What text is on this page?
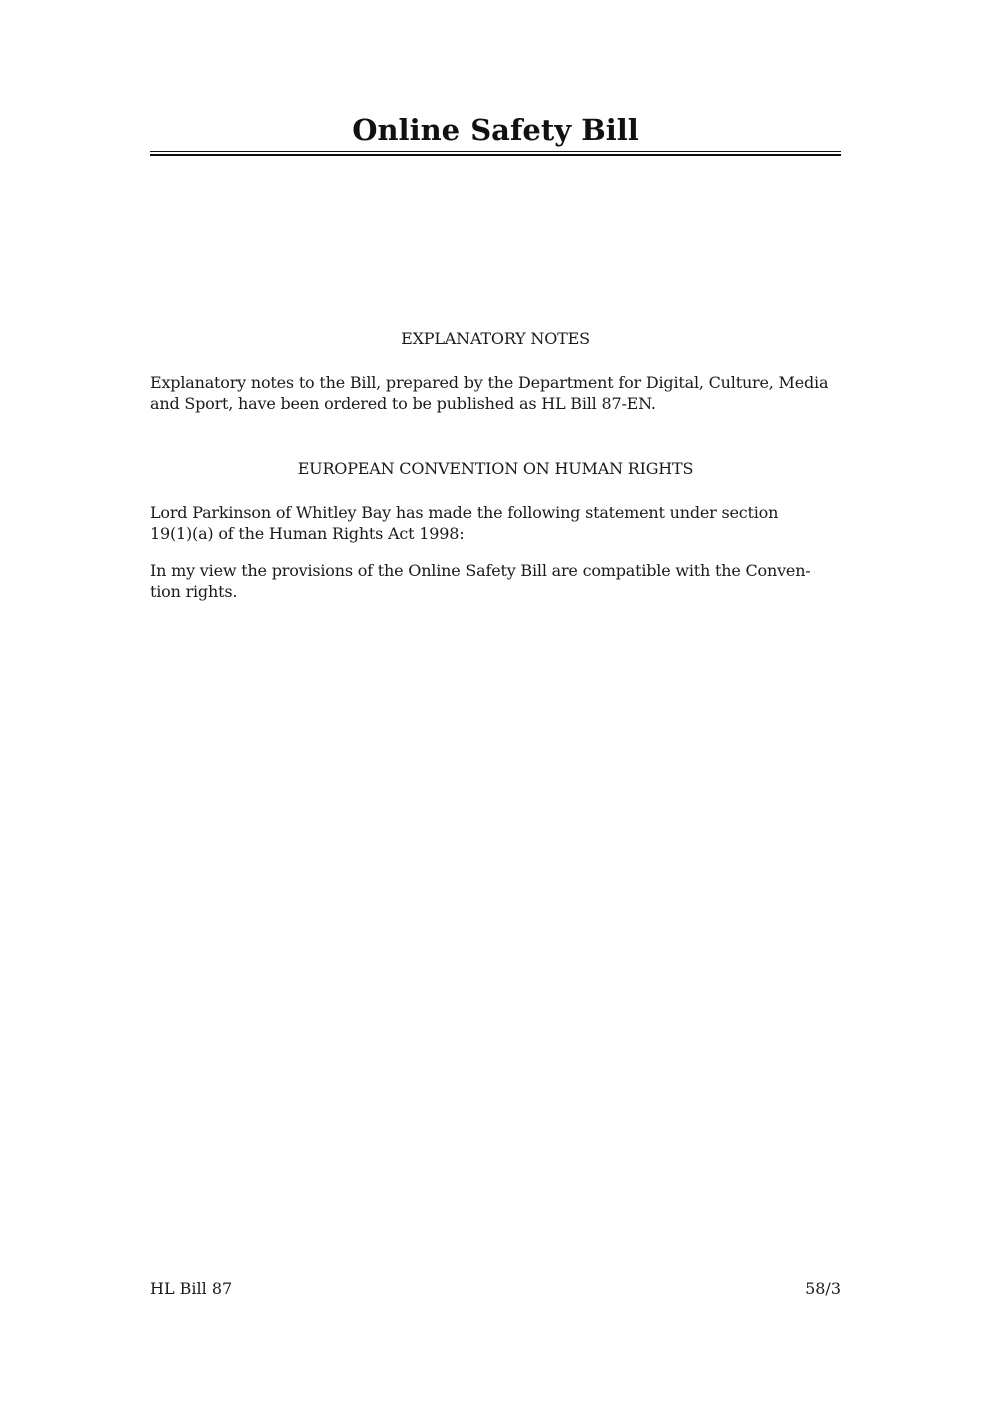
Online Safety Bill
EXPLANATORY NOTES
Explanatory notes to the Bill, prepared by the Department for Digital, Culture, Media
and Sport, have been ordered to be published as HL Bill 87-EN.
EUROPEAN CONVENTION ON HUMAN RIGHTS
Lord Parkinson of Whitley Bay has made the following statement under section
19(1)(a) of the Human Rights Act 1998:
In my view the provisions of the Online Safety Bill are compatible with the Conven-
tion rights.
HL Bill 87	58/3
